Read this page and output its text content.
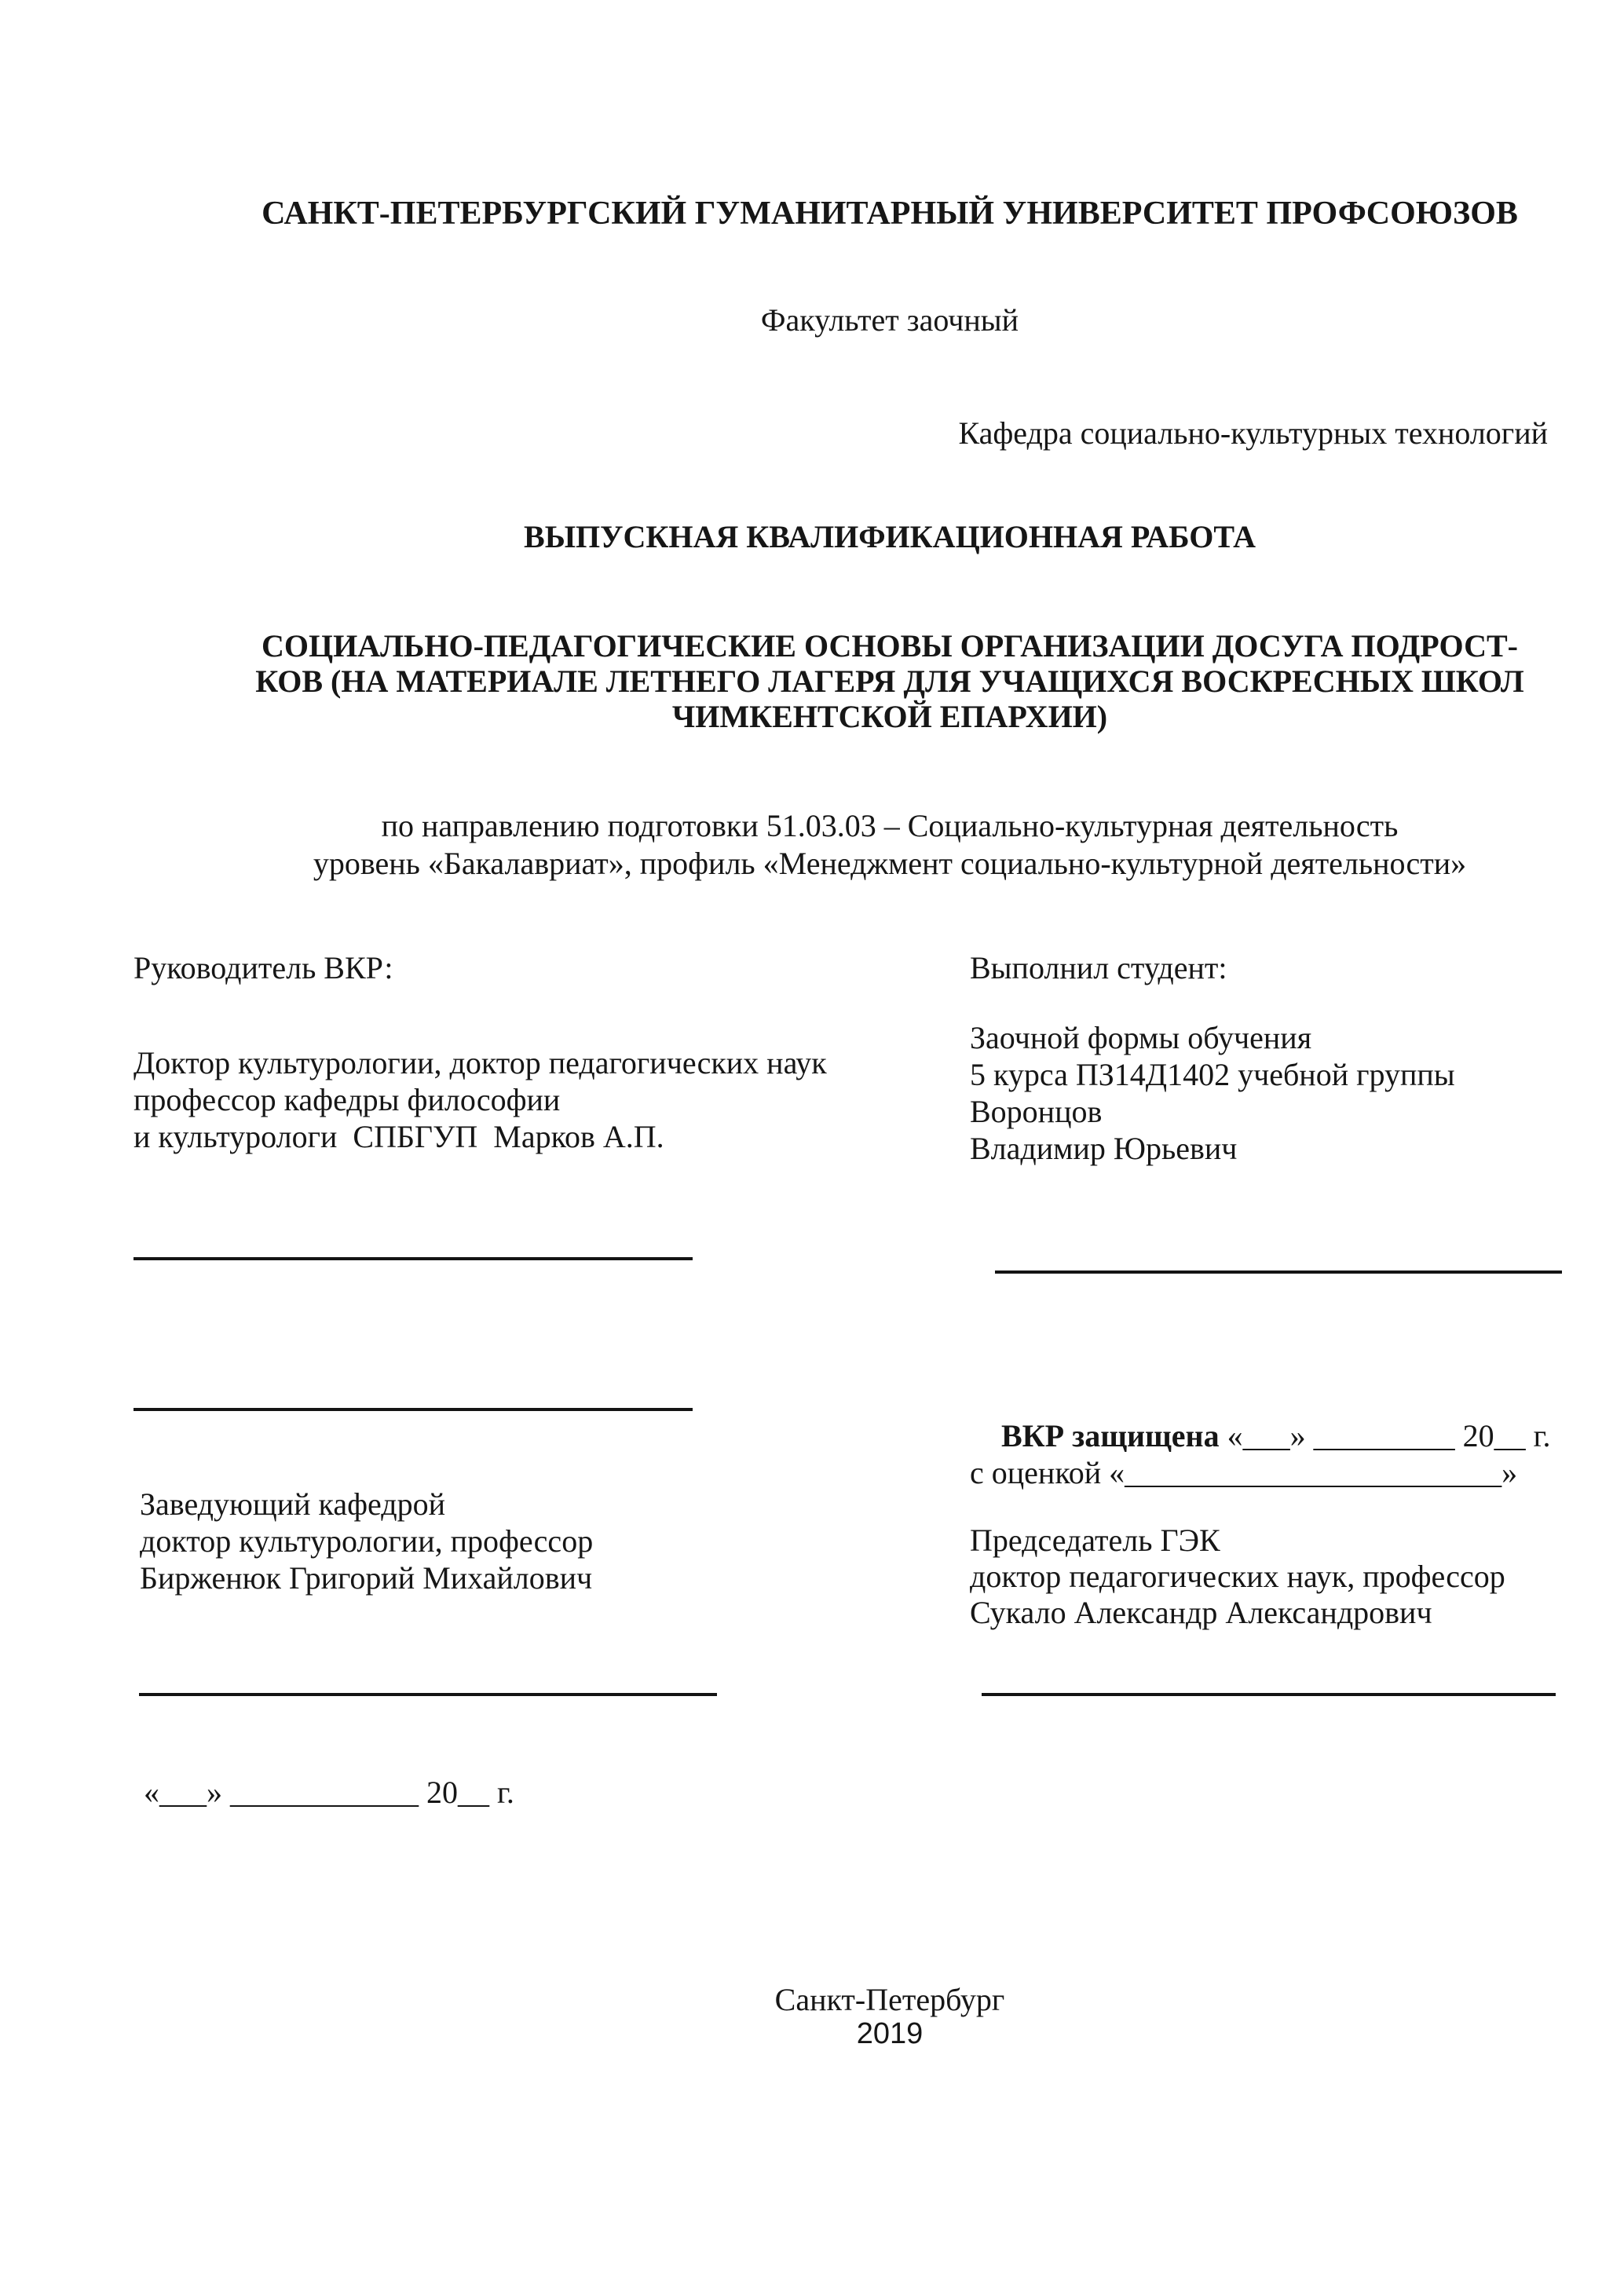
САНКТ-ПЕТЕРБУРГСКИЙ ГУМАНИТАРНЫЙ УНИВЕРСИТЕТ ПРОФСОЮЗОВ
Факультет заочный
Кафедра социально-культурных технологий
ВЫПУСКНАЯ КВАЛИФИКАЦИОННАЯ РАБОТА
СОЦИАЛЬНО-ПЕДАГОГИЧЕСКИЕ ОСНОВЫ ОРГАНИЗАЦИИ ДОСУГА ПОДРОСТ-
КОВ (НА МАТЕРИАЛЕ ЛЕТНЕГО ЛАГЕРЯ ДЛЯ УЧАЩИХСЯ ВОСКРЕСНЫХ ШКОЛ
ЧИМКЕНТСКОЙ ЕПАРХИИ)
по направлению подготовки 51.03.03 – Социально-культурная деятельность
уровень «Бакалавриат», профиль «Менеджмент социально-культурной деятельности»
Руководитель ВКР:	Выполнил студент:
Доктор культурологии, доктор педагогических наук
профессор кафедры философии
и культурологи  СПБГУП  Марков А.П.
Заочной формы обучения
5 курса ПЗ14Д1402 учебной группы
Воронцов
Владимир Юрьевич

ВКР защищена «___» _________ 20__ г.

с оценкой «________________________»
Заведующий кафедрой
доктор культурологии, профессор
Бирженюк Григорий Михайлович
Председатель ГЭК
доктор педагогических наук, профессор
Сукало Александр Александрович
«___» ____________ 20__ г.
Санкт-Петербург
2019
